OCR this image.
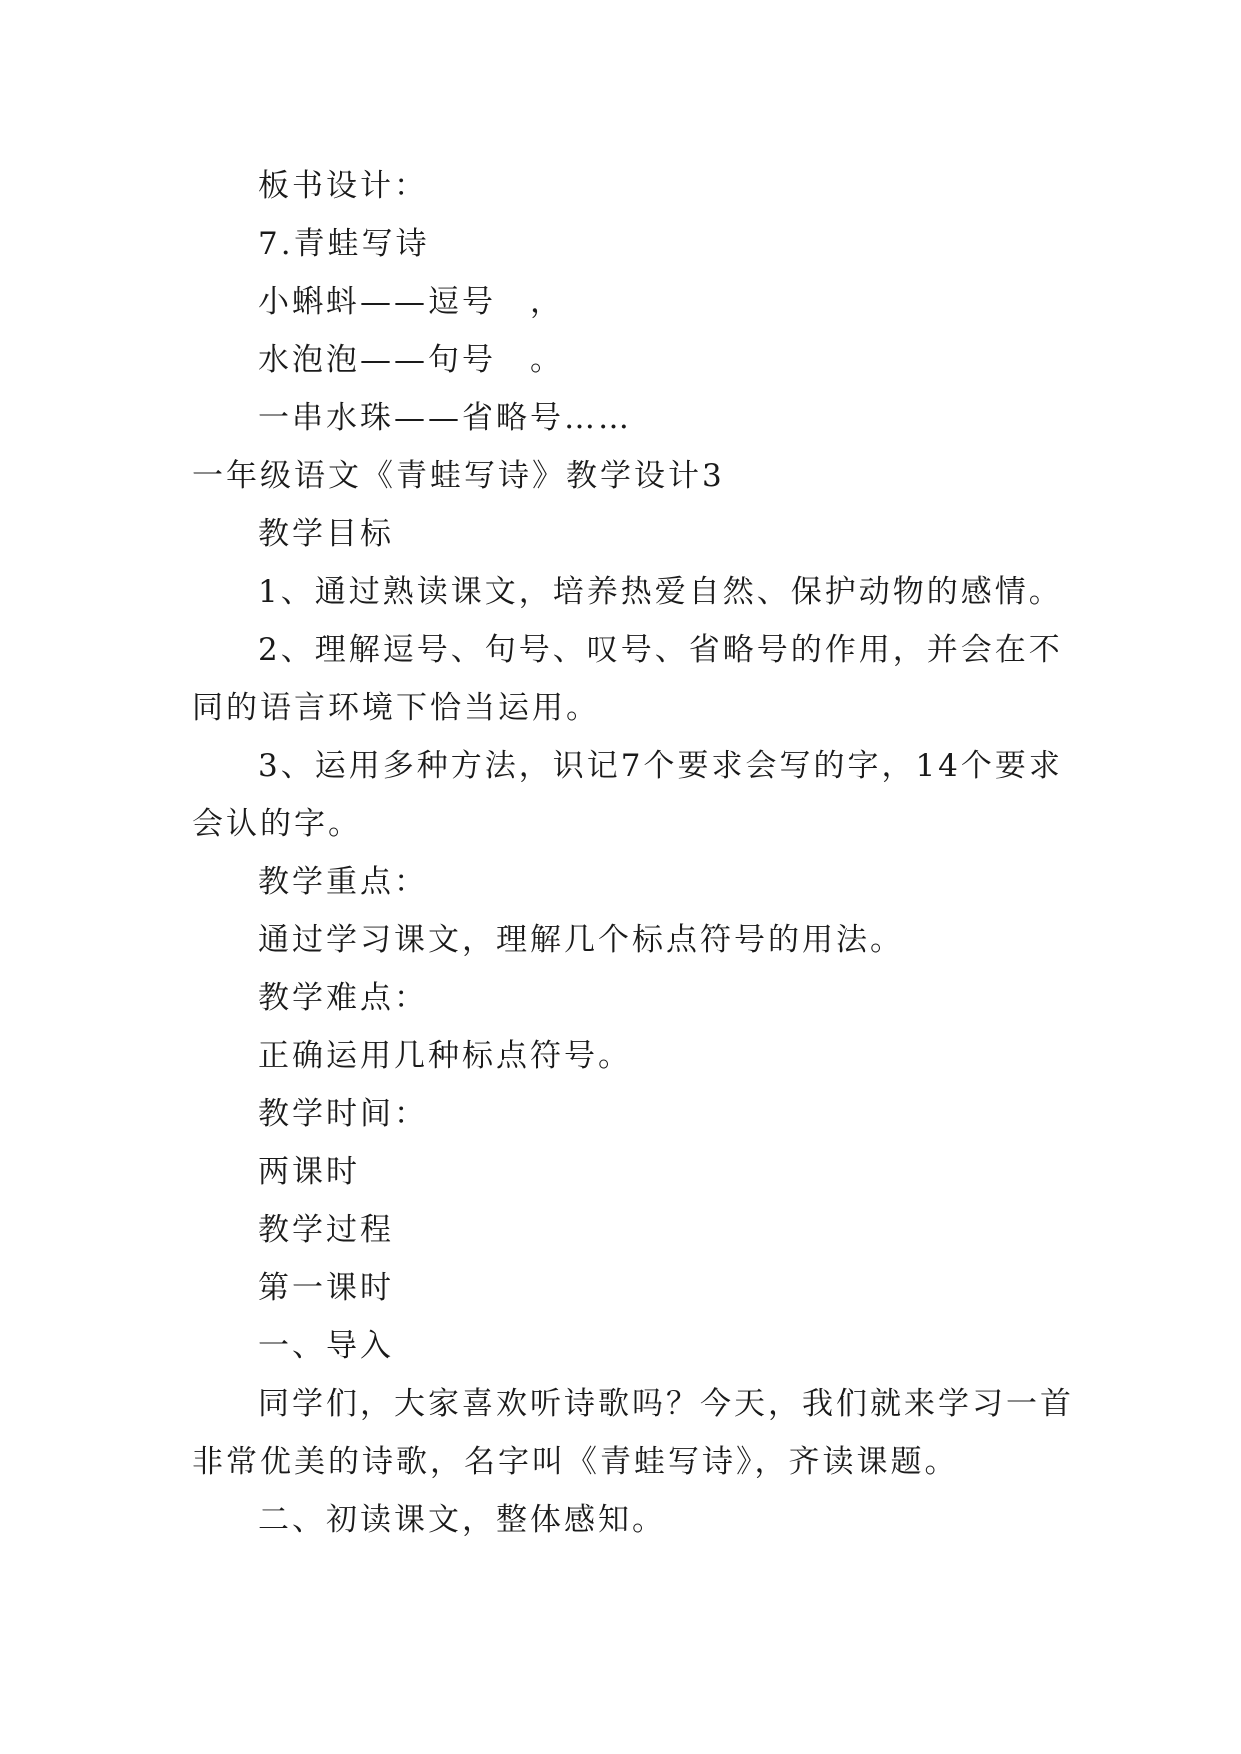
板书设计：
7.青蛙写诗
小蝌蚪——逗号　，
水泡泡——句号　。
一串水珠——省略号……
一年级语文《青蛙写诗》教学设计3
教学目标
1、通过熟读课文，培养热爱自然、保护动物的感情。
2、理解逗号、句号、叹号、省略号的作用，并会在不
同的语言环境下恰当运用。
3、运用多种方法，识记7个要求会写的字，14个要求
会认的字。
教学重点：
通过学习课文，理解几个标点符号的用法。
教学难点：
正确运用几种标点符号。
教学时间：
两课时
教学过程
第一课时
一、导入
同学们，大家喜欢听诗歌吗？今天，我们就来学习一首
非常优美的诗歌，名字叫《青蛙写诗》，齐读课题。
二、初读课文，整体感知。
